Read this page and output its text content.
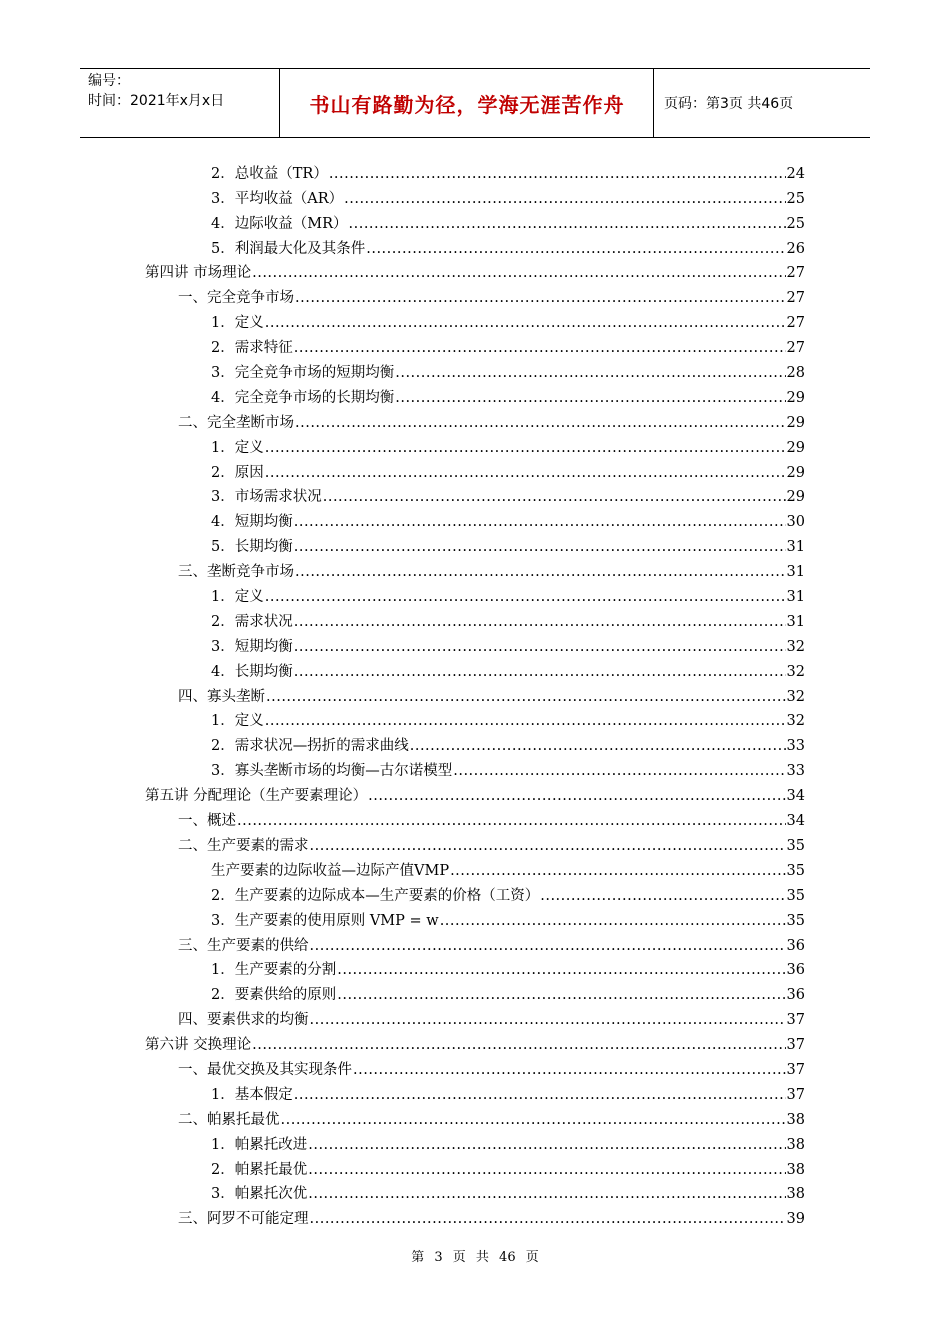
编号：
时间：2021年x月x日	书山有路勤为径，学海无涯苦作舟	页码：第3页 共46页
2．总收益（TR） .....	24
3．平均收益（AR） .....	25
4．边际收益（MR） .....	25
5．利润最大化及其条件 .....	26
第四讲 市场理论 .....	27
一、完全竞争市场 .....	27
1．定义 .....	27
2．需求特征 .....	27
3．完全竞争市场的短期均衡 .....	28
4．完全竞争市场的长期均衡 .....	29
二、完全垄断市场 .....	29
1．定义 .....	29
2．原因 .....	29
3．市场需求状况 .....	29
4．短期均衡 .....	30
5．长期均衡 .....	31
三、垄断竞争市场 .....	31
1．定义 .....	31
2．需求状况 .....	31
3．短期均衡 .....	32
4．长期均衡 .....	32
四、寡头垄断 .....	32
1．定义 .....	32
2．需求状况—拐折的需求曲线 .....	33
3．寡头垄断市场的均衡—古尔诺模型 .....	33
第五讲 分配理论（生产要素理论） .....	34
一、概述 .....	34
二、生产要素的需求 .....	35
生产要素的边际收益—边际产值VMP .....	35
2．生产要素的边际成本—生产要素的价格（工资） .....	35
3．生产要素的使用原则 VMP = w .....	35
三、生产要素的供给 .....	36
1．生产要素的分割 .....	36
2．要素供给的原则 .....	36
四、要素供求的均衡 .....	37
第六讲 交换理论 .....	37
一、最优交换及其实现条件 .....	37
1．基本假定 .....	37
二、帕累托最优 .....	38
1．帕累托改进 .....	38
2．帕累托最优 .....	38
3．帕累托次优 .....	38
三、阿罗不可能定理 .....	39
第 3 页 共 46 页
